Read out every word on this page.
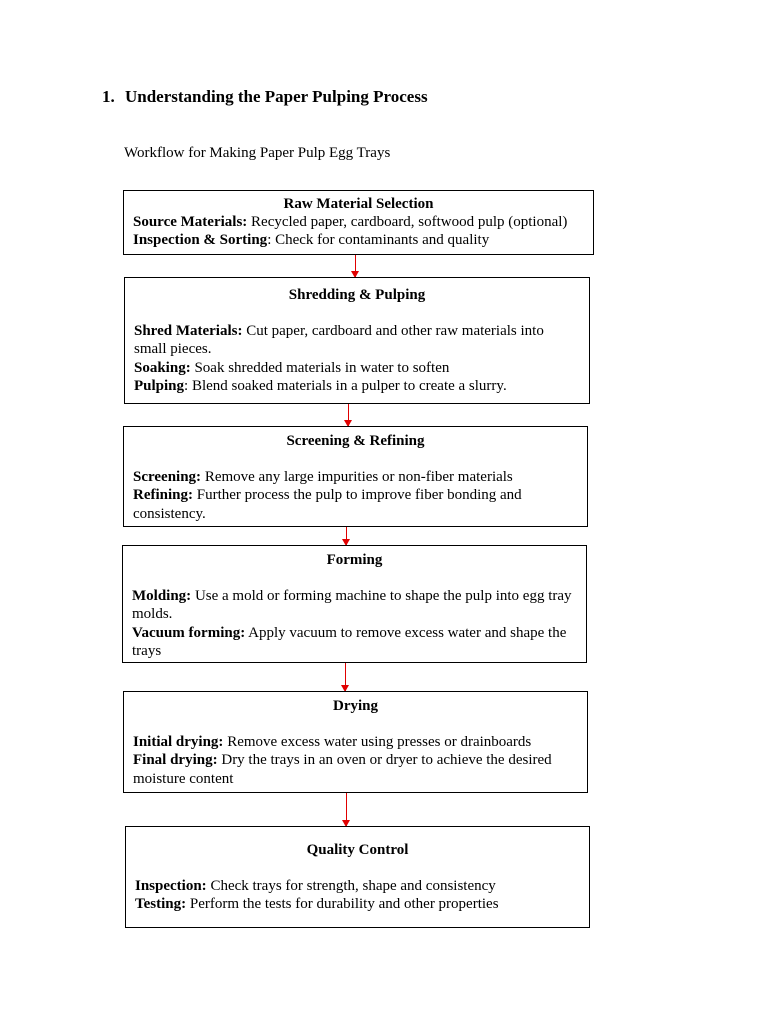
1. Understanding the Paper Pulping Process
Workflow for Making Paper Pulp Egg Trays
Raw Material Selection

Source Materials: Recycled paper, cardboard, softwood pulp (optional)

Inspection & Sorting: Check for contaminants and quality

Shredding & Pulping

Shred Materials: Cut paper, cardboard and other raw materials into small pieces.

Soaking: Soak shredded materials in water to soften

Pulping: Blend soaked materials in a pulper to create a slurry.

Screening & Refining

Screening: Remove any large impurities or non-fiber materials

Refining: Further process the pulp to improve fiber bonding and consistency.

Forming

Molding: Use a mold or forming machine to shape the pulp into egg tray molds.

Vacuum forming: Apply vacuum to remove excess water and shape the trays

Drying

Initial drying: Remove excess water using presses or drainboards

Final drying: Dry the trays in an oven or dryer to achieve the desired moisture content

Quality Control

Inspection: Check trays for strength, shape and consistency

Testing: Perform the tests for durability and other properties
